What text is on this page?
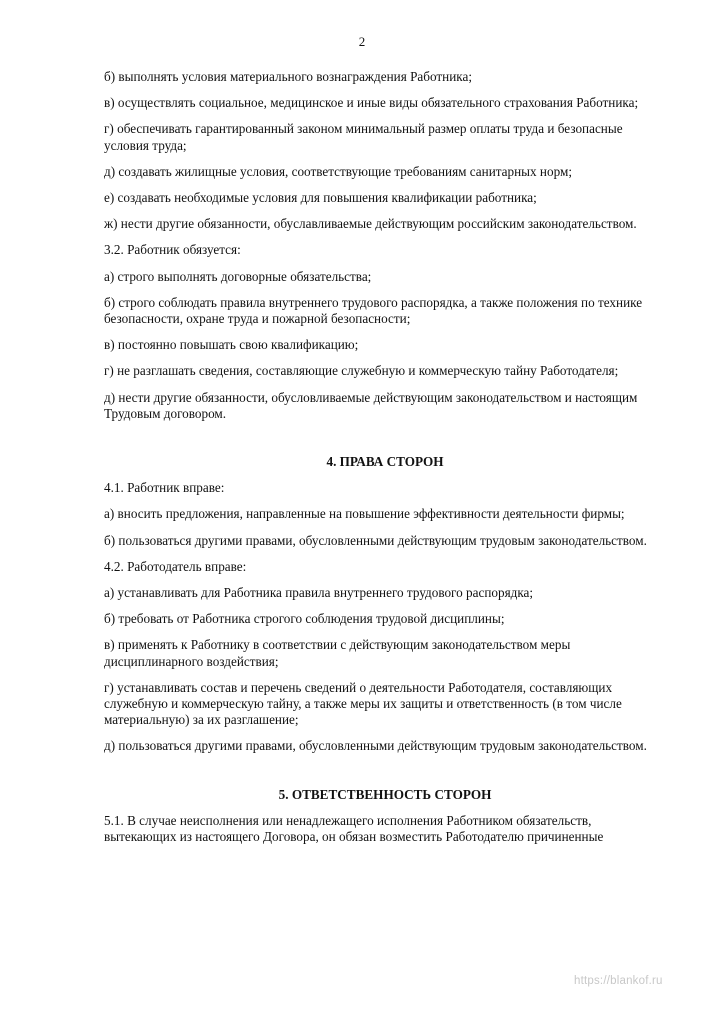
2

б) выполнять условия материального вознаграждения Работника;

в) осуществлять социальное, медицинское и иные виды обязательного страхования Работника;

г) обеспечивать гарантированный законом минимальный размер оплаты труда и безопасные условия труда;

д) создавать жилищные условия, соответствующие требованиям санитарных норм;

е) создавать необходимые условия для повышения квалификации работника;

ж) нести другие обязанности, обуславливаемые действующим российским законодательством.

3.2. Работник обязуется:

а) строго выполнять договорные обязательства;

б) строго соблюдать правила внутреннего трудового распорядка, а также положения по технике безопасности, охране труда и пожарной безопасности;

в) постоянно повышать свою квалификацию;

г) не разглашать сведения, составляющие служебную и коммерческую тайну Работодателя;

д) нести другие обязанности, обусловливаемые действующим законодательством и настоящим Трудовым договором.

4. ПРАВА СТОРОН

4.1. Работник вправе:

а) вносить предложения, направленные на повышение эффективности деятельности фирмы;

б) пользоваться другими правами, обусловленными действующим трудовым законодательством.

4.2. Работодатель вправе:

а) устанавливать для Работника правила внутреннего трудового распорядка;

б) требовать от Работника строгого соблюдения трудовой дисциплины;

в) применять к Работнику в соответствии с действующим законодательством меры дисциплинарного воздействия;

г) устанавливать состав и перечень сведений о деятельности Работодателя, составляющих служебную и коммерческую тайну, а также меры их защиты и ответственность (в том числе материальную) за их разглашение;

д) пользоваться другими правами, обусловленными действующим трудовым законодательством.

5. ОТВЕТСТВЕННОСТЬ СТОРОН

5.1. В случае неисполнения или ненадлежащего исполнения Работником обязательств, вытекающих из настоящего Договора, он обязан возместить Работодателю причиненные

https://blankof.ru
